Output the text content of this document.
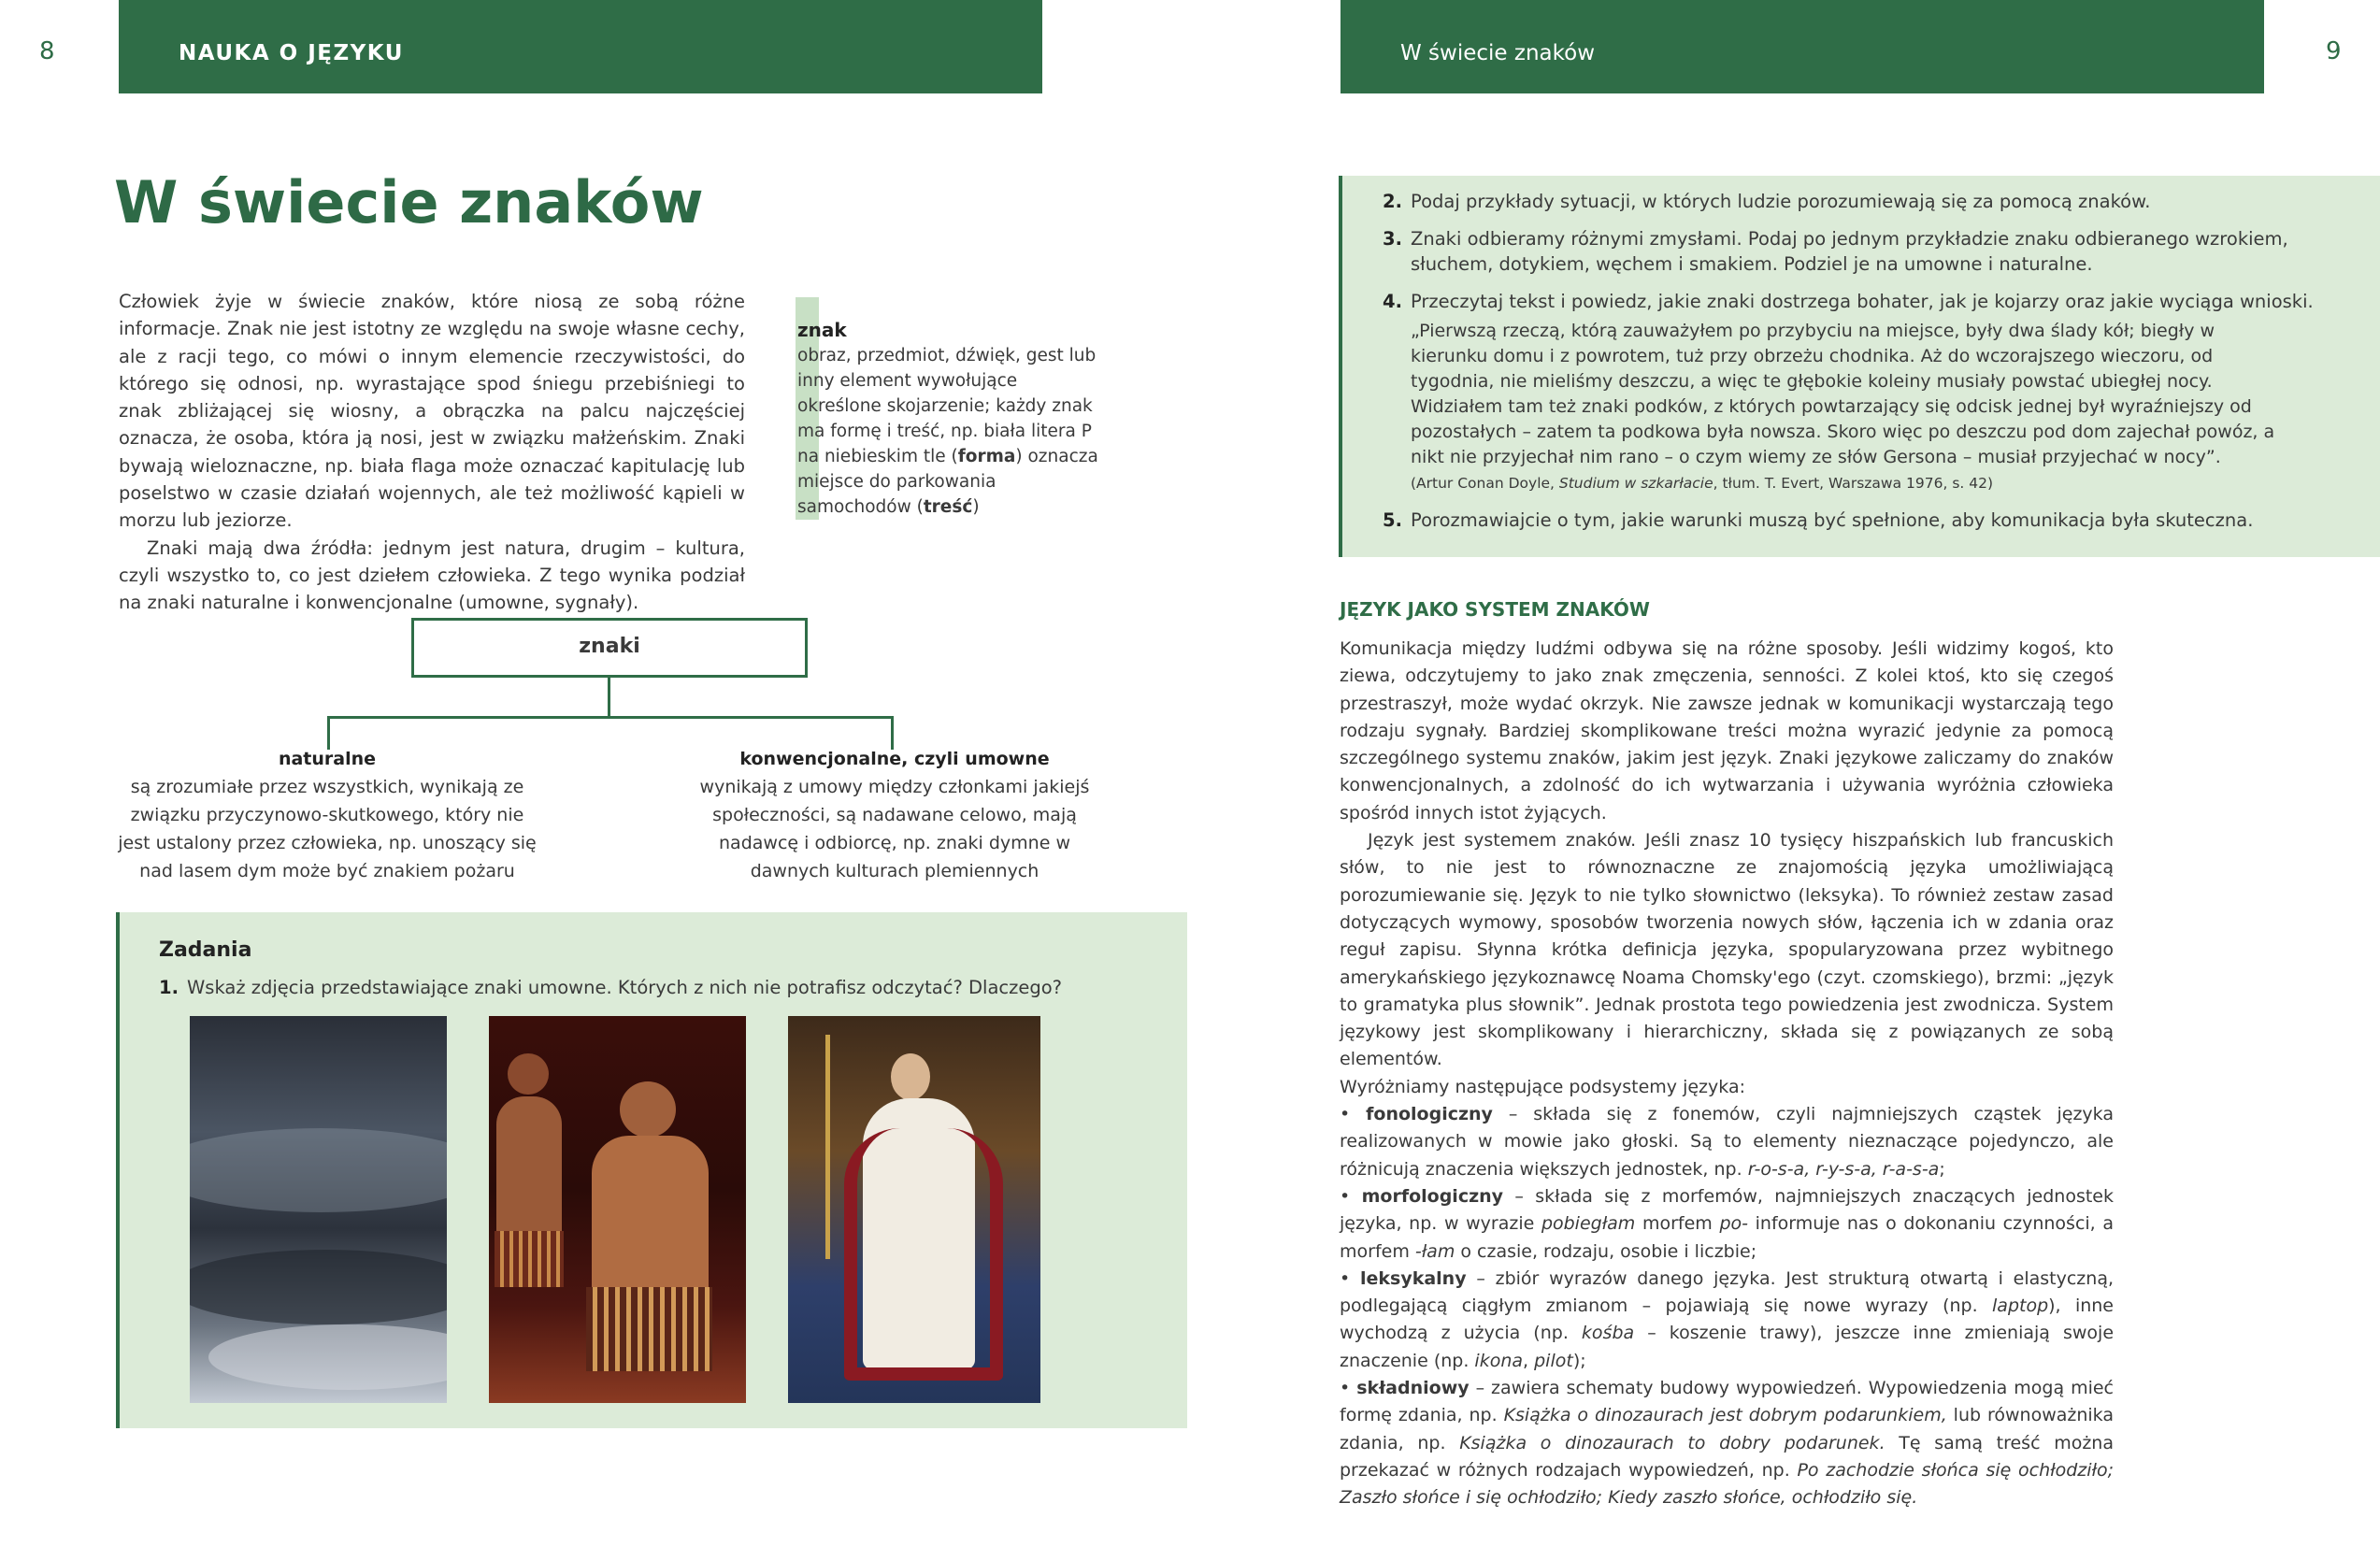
8	NAUKA O JĘZYKU
W świecie znaków

Człowiek żyje w świecie znaków, które niosą ze sobą różne informacje. Znak nie jest istotny ze względu na swoje własne cechy, ale z racji tego, co mówi o innym elemencie rzeczywistości, do którego się odnosi, np. wyrastające spod śniegu przebiśniegi to znak zbliżającej się wiosny, a obrączka na palcu najczęściej oznacza, że osoba, która ją nosi, jest w związku małżeńskim. Znaki bywają wieloznaczne, np. biała flaga może oznaczać kapitulację lub poselstwo w czasie działań wojennych, ale też możliwość kąpieli w morzu lub jeziorze.

Znaki mają dwa źródła: jednym jest natura, drugim – kultura, czyli wszystko to, co jest dziełem człowieka. Z tego wynika podział na znaki naturalne i konwencjonalne (umowne, sygnały).

znak
obraz, przedmiot, dźwięk, gest lub inny element wywołujące określone skojarzenie; każdy znak ma formę i treść, np. biała litera P na niebieskim tle (forma) oznacza miejsce do parkowania samochodów (treść)
znaki
naturalne
są zrozumiałe przez wszystkich, wynikają ze związku przyczynowo-skutkowego, który nie jest ustalony przez człowieka, np. unoszący się nad lasem dym może być znakiem pożaru
konwencjonalne, czyli umowne
wynikają z umowy między członkami jakiejś społeczności, są nadawane celowo, mają nadawcę i odbiorcę, np. znaki dymne w dawnych kulturach plemiennych
Zadania
1. Wskaż zdjęcia przedstawiające znaki umowne. Których z nich nie potrafisz odczytać? Dlaczego?
9
W świecie znaków
2. Podaj przykłady sytuacji, w których ludzie porozumiewają się za pomocą znaków.
3. Znaki odbieramy różnymi zmysłami. Podaj po jednym przykładzie znaku odbieranego wzrokiem, słuchem, dotykiem, węchem i smakiem. Podziel je na umowne i naturalne.
4. Przeczytaj tekst i powiedz, jakie znaki dostrzega bohater, jak je kojarzy oraz jakie wyciąga wnioski.
„Pierwszą rzeczą, którą zauważyłem po przybyciu na miejsce, były dwa ślady kół; biegły w kierunku domu i z powrotem, tuż przy obrzeżu chodnika. Aż do wczorajszego wieczoru, od tygodnia, nie mieliśmy deszczu, a więc te głębokie koleiny musiały powstać ubiegłej nocy. Widziałem tam też znaki podków, z których powtarzający się odcisk jednej był wyraźniejszy od pozostałych – zatem ta podkowa była nowsza. Skoro więc po deszczu pod dom zajechał powóz, a nikt nie przyjechał nim rano – o czym wiemy ze słów Gersona – musiał przyjechać w nocy”.
(Artur Conan Doyle, Studium w szkarłacie, tłum. T. Evert, Warszawa 1976, s. 42)
5. Porozmawiajcie o tym, jakie warunki muszą być spełnione, aby komunikacja była skuteczna.
JĘZYK JAKO SYSTEM ZNAKÓW

Komunikacja między ludźmi odbywa się na różne sposoby. Jeśli widzimy kogoś, kto ziewa, odczytujemy to jako znak zmęczenia, senności. Z kolei ktoś, kto się czegoś przestraszył, może wydać okrzyk. Nie zawsze jednak w komunikacji wystarczają tego rodzaju sygnały. Bardziej skomplikowane treści można wyrazić jedynie za pomocą szczególnego systemu znaków, jakim jest język. Znaki językowe zaliczamy do znaków konwencjonalnych, a zdolność do ich wytwarzania i używania wyróżnia człowieka spośród innych istot żyjących.

Język jest systemem znaków. Jeśli znasz 10 tysięcy hiszpańskich lub francuskich słów, to nie jest to równoznaczne ze znajomością języka umożliwiającą porozumiewanie się. Język to nie tylko słownictwo (leksyka). To również zestaw zasad dotyczących wymowy, sposobów tworzenia nowych słów, łączenia ich w zdania oraz reguł zapisu. Słynna krótka definicja języka, spopularyzowana przez wybitnego amerykańskiego językoznawcę Noama Chomsky'ego (czyt. czomskiego), brzmi: „język to gramatyka plus słownik”. Jednak prostota tego powiedzenia jest zwodnicza. System językowy jest skomplikowany i hierarchiczny, składa się z powiązanych ze sobą elementów.

Wyróżniamy następujące podsystemy języka:

• fonologiczny – składa się z fonemów, czyli najmniejszych cząstek języka realizowanych w mowie jako głoski. Są to elementy nieznaczące pojedynczo, ale różnicują znaczenia większych jednostek, np. r-o-s-a, r-y-s-a, r-a-s-a;

• morfologiczny – składa się z morfemów, najmniejszych znaczących jednostek języka, np. w wyrazie pobiegłam morfem po- informuje nas o dokonaniu czynności, a morfem -łam o czasie, rodzaju, osobie i liczbie;

• leksykalny – zbiór wyrazów danego języka. Jest strukturą otwartą i elastyczną, podlegającą ciągłym zmianom – pojawiają się nowe wyrazy (np. laptop), inne wychodzą z użycia (np. kośba – koszenie trawy), jeszcze inne zmieniają swoje znaczenie (np. ikona, pilot);

• składniowy – zawiera schematy budowy wypowiedzeń. Wypowiedzenia mogą mieć formę zdania, np. Książka o dinozaurach jest dobrym podarunkiem, lub równoważnika zdania, np. Książka o dinozaurach to dobry podarunek. Tę samą treść można przekazać w różnych rodzajach wypowiedzeń, np. Po zachodzie słońca się ochłodziło; Zaszło słońce i się ochłodziło; Kiedy zaszło słońce, ochłodziło się.
